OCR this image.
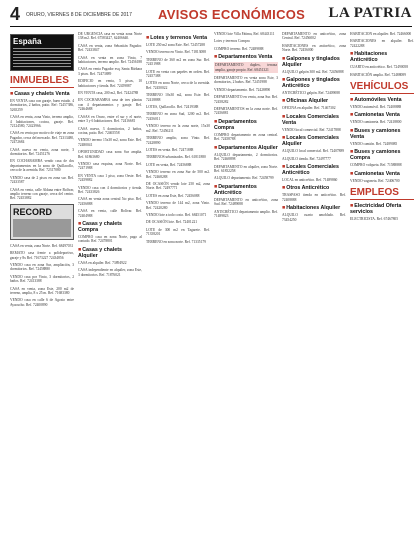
4 ORURO, VIERNES 8 DE DICIEMBRE DE 2017 AVISOS ECONÓMICOS LA PATRIA
España
INMUEBLES
■Casas y chalets Venta
EN VENTA casa con garaje, buen estado. 4 dormitorios, 2 baños, patio. Ref: 72457386, 5265259
CASA en venta, zona Vinto, terreno amplio, 4 habitaciones, cocina, garaje. Ref. 72124580, 72423966.
CASA en venta por motivo de viaje en zona Pagador, cerca del mercado. Ref. 72313480, 72472684
CASA nueva en venta, zona norte, 3 dormitorios. Ref. 72451276
EN COCHABAMBA vendo casa de dos departamentos en la zona de Quillacollo, cerca de la avenida. Ref. 72317080
VENDO casa de 2 pisos en zona sur. Ref. 72433587
CASA en venta, calle Aldana entre Bolívar, amplio terreno con garaje, cerca del centro. Ref. 72453882
RECORD
CASA en venta, zona Norte. Ref. 68497031
REMATO casa frente a polideportivo, garaje y 8x Ref. 71673227 72434856
VENDO casa en zona Sur, ampliación, 3 dormitorios. Ref. 72458880
VENDO casa por Vinto, 3 dormitorios, 2 baños. Ref. 72413388
CASA en venta, zona Este, 200 m2 de terreno, amplia, 8 x 25 m. Ref. 71683380
VENDO casa en calle 6 de Agosto entre Ayacucho. Ref. 72400890
DE URGENCIA casa en venta zona Norte 138 m2. Ref. 67583427, 62406640.
CASA en venta, zona Sebastián Pagador. Ref. 72433847
CASA en venta en zona Vinto, 7 habitaciones, terreno amplio. Ref. 72456188
CASA en venta Pagador esq. Santa Bárbara 3 pisos. Ref. 72473889
EDIFICIO en venta, 5 pisos, 10 habitaciones y tienda. Ref. 72459887
EN VENTA casa, 200 m2, Ref. 72424788
EN COCHABAMBA casa de tres plantas con 4 departamentos y garaje. Ref. 72464688
CASAS en Oruro, entre el sur y el norte, entre 3 y 6 habitaciones. Ref. 72416681
CASA nueva, 3 dormitorios, 2 baños, cocina, patio. Ref. 72465558
VENDO terreno 15x30 m2, zona Este. Ref. 72480041
OPORTUNIDAD casa zona Sur amplia. Ref. 61863680
VENDO casa esquina, zona Norte. Ref. 72471988
EN VENTA casa 1 piso, zona Oeste. Ref. 72459882
VENDO casa con 4 dormitorios y tienda. Ref. 72433826
CASA en venta zona central 5to piso. Ref. 72456888
CASA en venta, calle Bolívar. Ref. 72404988
■Casas y chalets Compra
COMPRO casa en zona Norte, pago al contado. Ref. 72478801
■Casas y chalets Alquiler
CASA en alquiler. Ref. 73894922
CASA independiente en alquiler, zona Este, 3 dormitorios. Ref. 71876021
■Lotes y terrenos Venta
LOTE 250 m2 zona Este. Ref. 72457288
VENDO terreno en Vinto. Ref. 71813088
TERRENO de 360 m2 en zona Sur. Ref. 72451988
LOTE en venta con papeles en orden. Ref. 72457388
LOTES en zona Norte, cerca de la avenida. Ref. 72450022
TERRENO 10x30 m2, zona Este. Ref. 72418888
LOTES, Quillacollo. Ref. 72419388
TERRENO en zona Sud, 1200 m2. Ref. 72456011
VENDO terreno en la zona norte, 15x30 m2. Ref. 72456211
TERRENO amplio, zona Vinto. Ref. 72428890
LOTES en venta. Ref. 72471888
TERRENOS urbanizados. Ref. 61811880
LOTE en venta, Ref. 72456888
VENDO terreno en zona Sur de 500 m2. Ref. 72468288
DE OCASIÓN vendo lote 250 m2, zona Norte. Ref. 72497771
LOTES en zona Este, Ref. 72456088
VENDO terreno de 144 m2, zona Vinto. Ref. 72420280
VENDO lote a todo costo. Ref. 68451071
DE OCASIÓN lote. Ref. 72401221
LOTE de 300 m2 en Tagarete. Ref. 71358201
TERRENO en zona norte. Ref. 71335179
VENDO lote Villa Fátima, Ref. 68443111
Lotes y terrenos Compra
COMPRO terreno. Ref. 72489888
■Departamentos Venta
DEPARTAMENTO duplex, terraza amplia, garaje propio. Ref. 68451321
DEPARTAMENTO en venta zona Este, 3 dormitorios, 2 baños. Ref. 72451988
VENDO departamento. Ref. 72428890
DEPARTAMENTO en venta, zona Sur. Ref. 72458282
DEPARTAMENTOS en la zona norte. Ref. 72456881
■Departamentos Compra
COMPRO departamento en zona central. Ref. 72458788
■Departamentos Alquiler
ALQUILO departamento, 2 dormitorios. Ref. 72468898
DEPARTAMENTO en alquiler, zona Norte. Ref. 61852258
ALQUILO departamento. Ref. 72458799
■Departamentos Anticrético
DEPARTAMENTO en anticrético, zona Sud. Ref. 72489088
ANTICRÉTICO departamento amplio. Ref. 71489823
DEPARTAMENTO en anticrético, zona Central. Ref. 72456002
HABITACIONES en anticrético, zona Norte. Ref. 72456000
■Galpones y tinglados Alquiler
ALQUILO galpón 300 m2. Ref. 72456888
■Galpones y tinglados Anticrético
ANTICRÉTICO galpón. Ref. 72409088
■Oficinas Alquiler
OFICINA en alquiler. Ref. 71467302
■Locales Comerciales Venta
VENDO local comercial. Ref. 72417888
■Locales Comerciales Alquiler
ALQUILO local comercial. Ref. 72407889
ALQUILO tienda. Ref. 72497777
■Locales Comerciales Anticrético
LOCAL en anticrético. Ref. 71489860
■Otros Anticrético
TRASPASO tienda en anticrético. Ref. 72408888
■Habitaciones Alquiler
ALQUILO cuarto amoblado. Ref. 73454250
HABITACIÓN en alquiler. Ref. 72466000
HABITACIONES en alquiler. Ref. 72422288
■Habitaciones Anticrético
CUARTO en anticrético. Ref. 72490058
HABITACIÓN amplia. Ref. 72488089
VEHÍCULOS
■Automóviles Venta
VENDO automóvil. Ref. 72408888
■Camionetas Venta
VENDO camioneta. Ref. 72418800
■Buses y camiones Venta
VENDO camión. Ref. 72489085
■Buses y camiones Compra
COMPRO volqueta. Ref. 71588888
■Camionetas Venta
VENDO vagoneta. Ref. 72406700
EMPLEOS
■Electricidad Oferta servicios
ELECTRICISTA. Ref. 67467805
